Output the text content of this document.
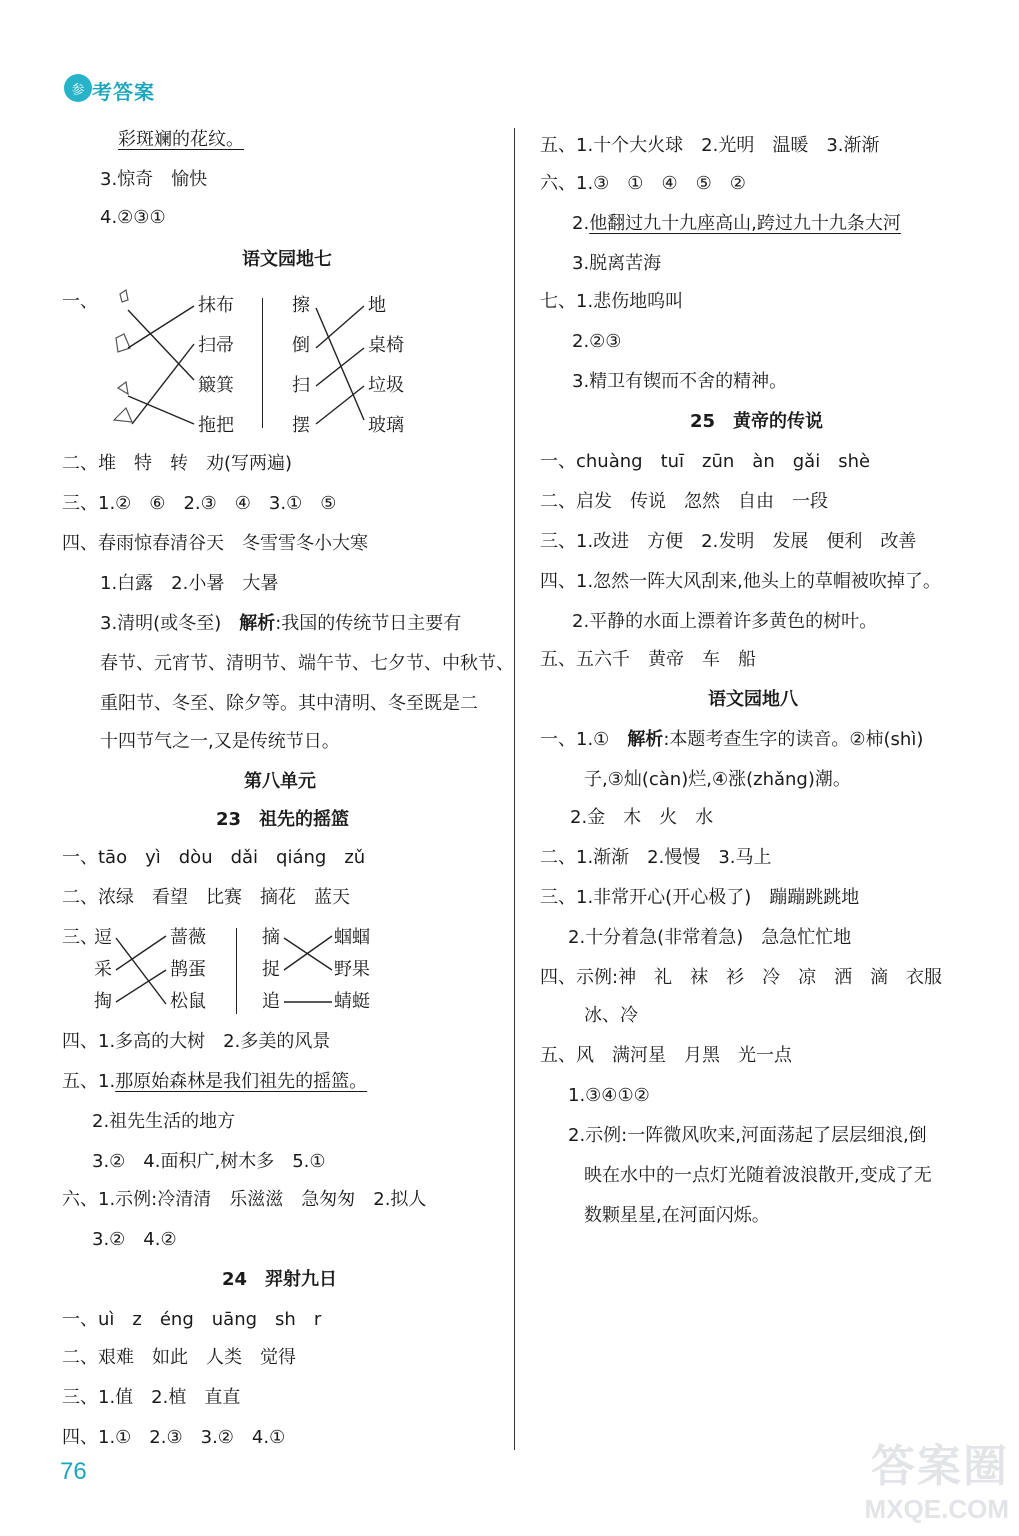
参 考答案
彩斑斓的花纹。
3.惊奇　愉快
4.②③①
语文园地七
一、	抹布
扫帚
簸箕
拖把
擦
倒
扫
摆
地
桌椅
垃圾
玻璃
二、堆　特　转　劝(写两遍)
三、1.②　⑥　2.③　④　3.①　⑤
四、春雨惊春清谷天　冬雪雪冬小大寒
1.白露　2.小暑　大暑
3.清明(或冬至)　解析:我国的传统节日主要有
春节、元宵节、清明节、端午节、七夕节、中秋节、
重阳节、冬至、除夕等。其中清明、冬至既是二
十四节气之一,又是传统节日。
第八单元
23　祖先的摇篮
一、tāo　yì　dòu　dǎi　qiáng　zǔ
二、浓绿　看望　比赛　摘花　蓝天
三、
逗
采
掏
蔷薇
鹊蛋
松鼠
摘
捉
追
蝈蝈
野果
蜻蜓
四、1.多高的大树　2.多美的风景
五、1.那原始森林是我们祖先的摇篮。
2.祖先生活的地方
3.②　4.面积广,树木多　5.①
六、1.示例:冷清清　乐滋滋　急匆匆　2.拟人
3.②　4.②
24　羿射九日
一、uì　z　éng　uāng　sh　r
二、艰难　如此　人类　觉得
三、1.值　2.植　直直
四、1.①　2.③　3.②　4.①
五、1.十个大火球　2.光明　温暖　3.渐渐
六、1.③　①　④　⑤　②
2.他翻过九十九座高山,跨过九十九条大河
3.脱离苦海
七、1.悲伤地呜叫
2.②③
3.精卫有锲而不舍的精神。
25　黄帝的传说
一、chuàng　tuī　zūn　àn　gǎi　shè
二、启发　传说　忽然　自由　一段
三、1.改进　方便　2.发明　发展　便利　改善
四、1.忽然一阵大风刮来,他头上的草帽被吹掉了。
2.平静的水面上漂着许多黄色的树叶。
五、五六千　黄帝　车　船
语文园地八
一、1.①　解析:本题考查生字的读音。②柿(shì)
子,③灿(càn)烂,④涨(zhǎng)潮。
2.金　木　火　水
二、1.渐渐　2.慢慢　3.马上
三、1.非常开心(开心极了)　蹦蹦跳跳地
2.十分着急(非常着急)　急急忙忙地
四、示例:神　礼　袜　衫　冷　凉　洒　滴　衣服
冰、冷
五、风　满河星　月黑　光一点
1.③④①②
2.示例:一阵微风吹来,河面荡起了层层细浪,倒
映在水中的一点灯光随着波浪散开,变成了无
数颗星星,在河面闪烁。
76	答案圈
MXQE.COM
